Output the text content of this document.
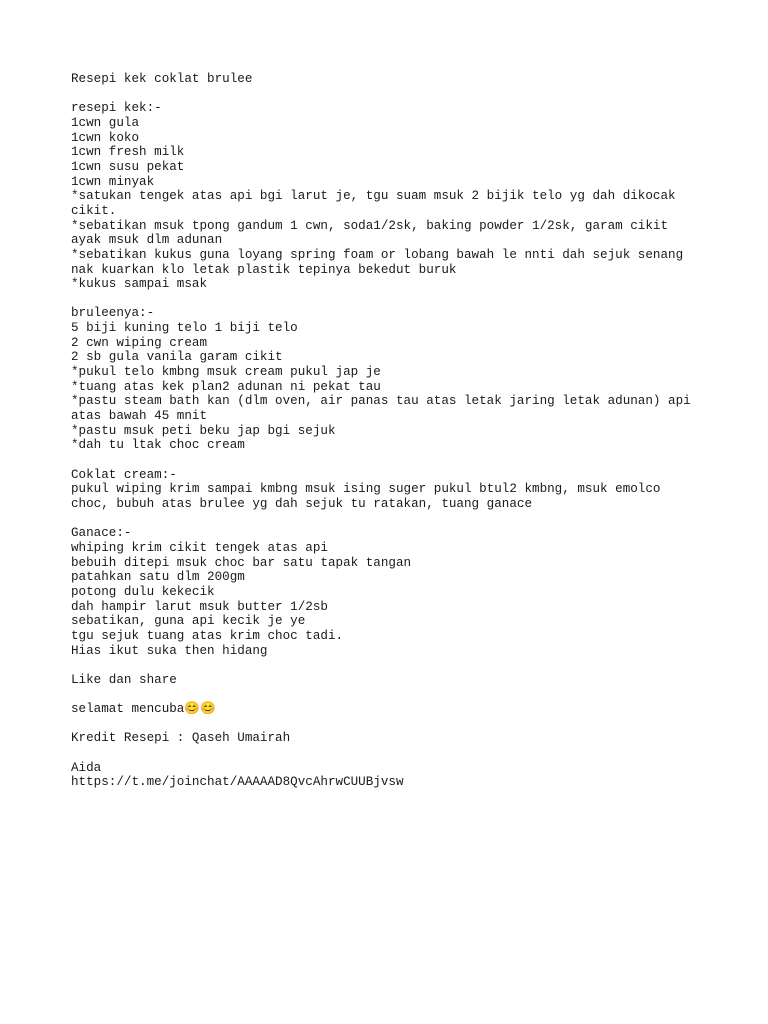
Resepi kek coklat brulee
resepi kek:-
1cwn gula
1cwn koko
1cwn fresh milk
1cwn susu pekat
1cwn minyak
*satukan tengek atas api bgi larut je, tgu suam msuk 2 bijik telo yg dah dikocak
cikit.
*sebatikan msuk tpong gandum 1 cwn, soda1/2sk, baking powder 1/2sk, garam cikit
ayak msuk dlm adunan
*sebatikan kukus guna loyang spring foam or lobang bawah le nnti dah sejuk senang
nak kuarkan klo letak plastik tepinya bekedut buruk
*kukus sampai msak
bruleenya:-
5 biji kuning telo 1 biji telo
2 cwn wiping cream
2 sb gula vanila garam cikit
*pukul telo kmbng msuk cream pukul jap je
*tuang atas kek plan2 adunan ni pekat tau
*pastu steam bath kan (dlm oven, air panas tau atas letak jaring letak adunan) api
atas bawah 45 mnit
*pastu msuk peti beku jap bgi sejuk
*dah tu ltak choc cream
Coklat cream:-
pukul wiping krim sampai kmbng msuk ising suger pukul btul2 kmbng, msuk emolco
choc, bubuh atas brulee yg dah sejuk tu ratakan, tuang ganace
Ganace:-
whiping krim cikit tengek atas api
bebuih ditepi msuk choc bar satu tapak tangan
patahkan satu dlm 200gm
potong dulu kekecik
dah hampir larut msuk butter 1/2sb
sebatikan, guna api kecik je ye
tgu sejuk tuang atas krim choc tadi.
Hias ikut suka then hidang
Like dan share
selamat mencuba😊😊
Kredit Resepi : Qaseh Umairah
Aida
https://t.me/joinchat/AAAAAD8QvcAhrwCUUBjvsw
